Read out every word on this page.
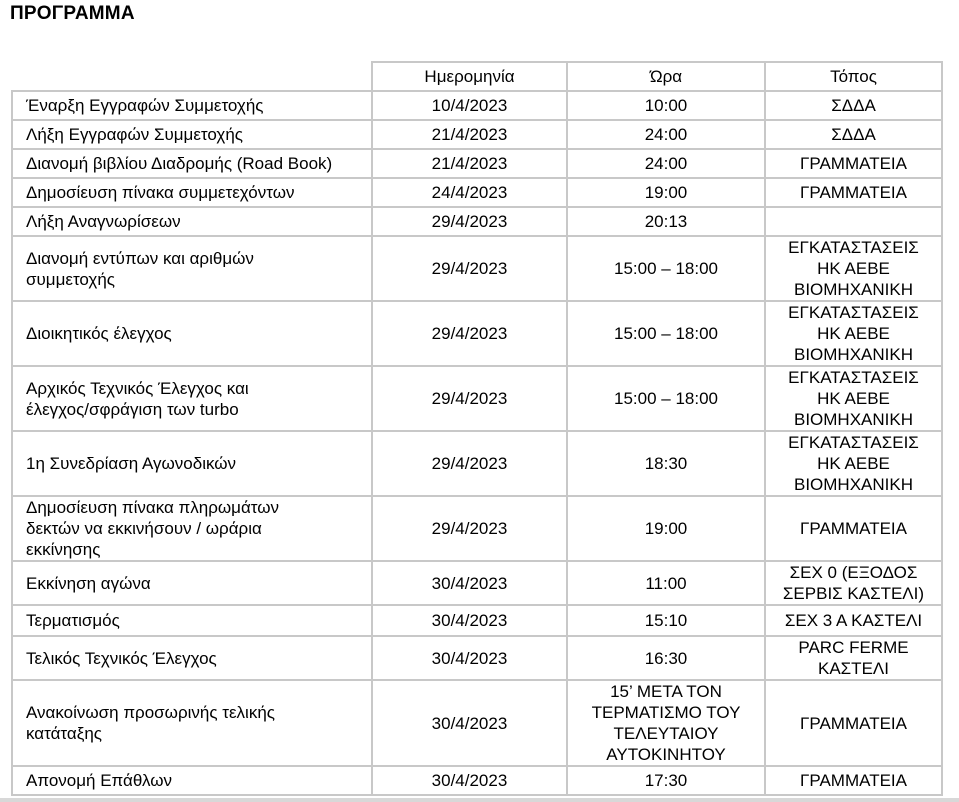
ΠΡΟΓΡΑΜΜΑ
	Ημερομηνία	Ώρα	Τόπος

Έναρξη Εγγραφών Συμμετοχής	10/4/2023	10:00	ΣΔΔΑ

Λήξη Εγγραφών Συμμετοχής	21/4/2023	24:00	ΣΔΔΑ

Διανομή βιβλίου Διαδρομής (Road Book)	21/4/2023	24:00	ΓΡΑΜΜΑΤΕΙΑ

Δημοσίευση πίνακα συμμετεχόντων	24/4/2023	19:00	ΓΡΑΜΜΑΤΕΙΑ

Λήξη Αναγνωρίσεων	29/4/2023	20:13	

Διανομή εντύπων και αριθμών
συμμετοχής	29/4/2023	15:00 – 18:00	ΕΓΚΑΤΑΣΤΑΣΕΙΣ
ΗΚ ΑΕΒΕ
ΒΙΟΜΗΧΑΝΙΚΗ

Διοικητικός έλεγχος	29/4/2023	15:00 – 18:00	ΕΓΚΑΤΑΣΤΑΣΕΙΣ
ΗΚ ΑΕΒΕ
ΒΙΟΜΗΧΑΝΙΚΗ

Αρχικός Τεχνικός Έλεγχος και
έλεγχος/σφράγιση των turbo	29/4/2023	15:00 – 18:00	ΕΓΚΑΤΑΣΤΑΣΕΙΣ
ΗΚ ΑΕΒΕ
ΒΙΟΜΗΧΑΝΙΚΗ

1η Συνεδρίαση Αγωνοδικών	29/4/2023	18:30	ΕΓΚΑΤΑΣΤΑΣΕΙΣ
ΗΚ ΑΕΒΕ
ΒΙΟΜΗΧΑΝΙΚΗ

Δημοσίευση πίνακα πληρωμάτων
δεκτών να εκκινήσουν / ωράρια
εκκίνησης	29/4/2023	19:00	ΓΡΑΜΜΑΤΕΙΑ

Εκκίνηση αγώνα	30/4/2023	11:00	ΣΕΧ 0 (ΕΞΟΔΟΣ
ΣΕΡΒΙΣ ΚΑΣΤΕΛΙ)

Τερματισμός	30/4/2023	15:10	ΣΕΧ 3 Α ΚΑΣΤΕΛΙ

Τελικός Τεχνικός Έλεγχος	30/4/2023	16:30	PARC FERME
ΚΑΣΤΕΛΙ

Ανακοίνωση προσωρινής τελικής
κατάταξης	30/4/2023	15’ ΜΕΤΑ ΤΟΝ
ΤΕΡΜΑΤΙΣΜΟ ΤΟΥ
ΤΕΛΕΥΤΑΙΟΥ
ΑΥΤΟΚΙΝΗΤΟΥ	ΓΡΑΜΜΑΤΕΙΑ

Απονομή Επάθλων	30/4/2023	17:30	ΓΡΑΜΜΑΤΕΙΑ
